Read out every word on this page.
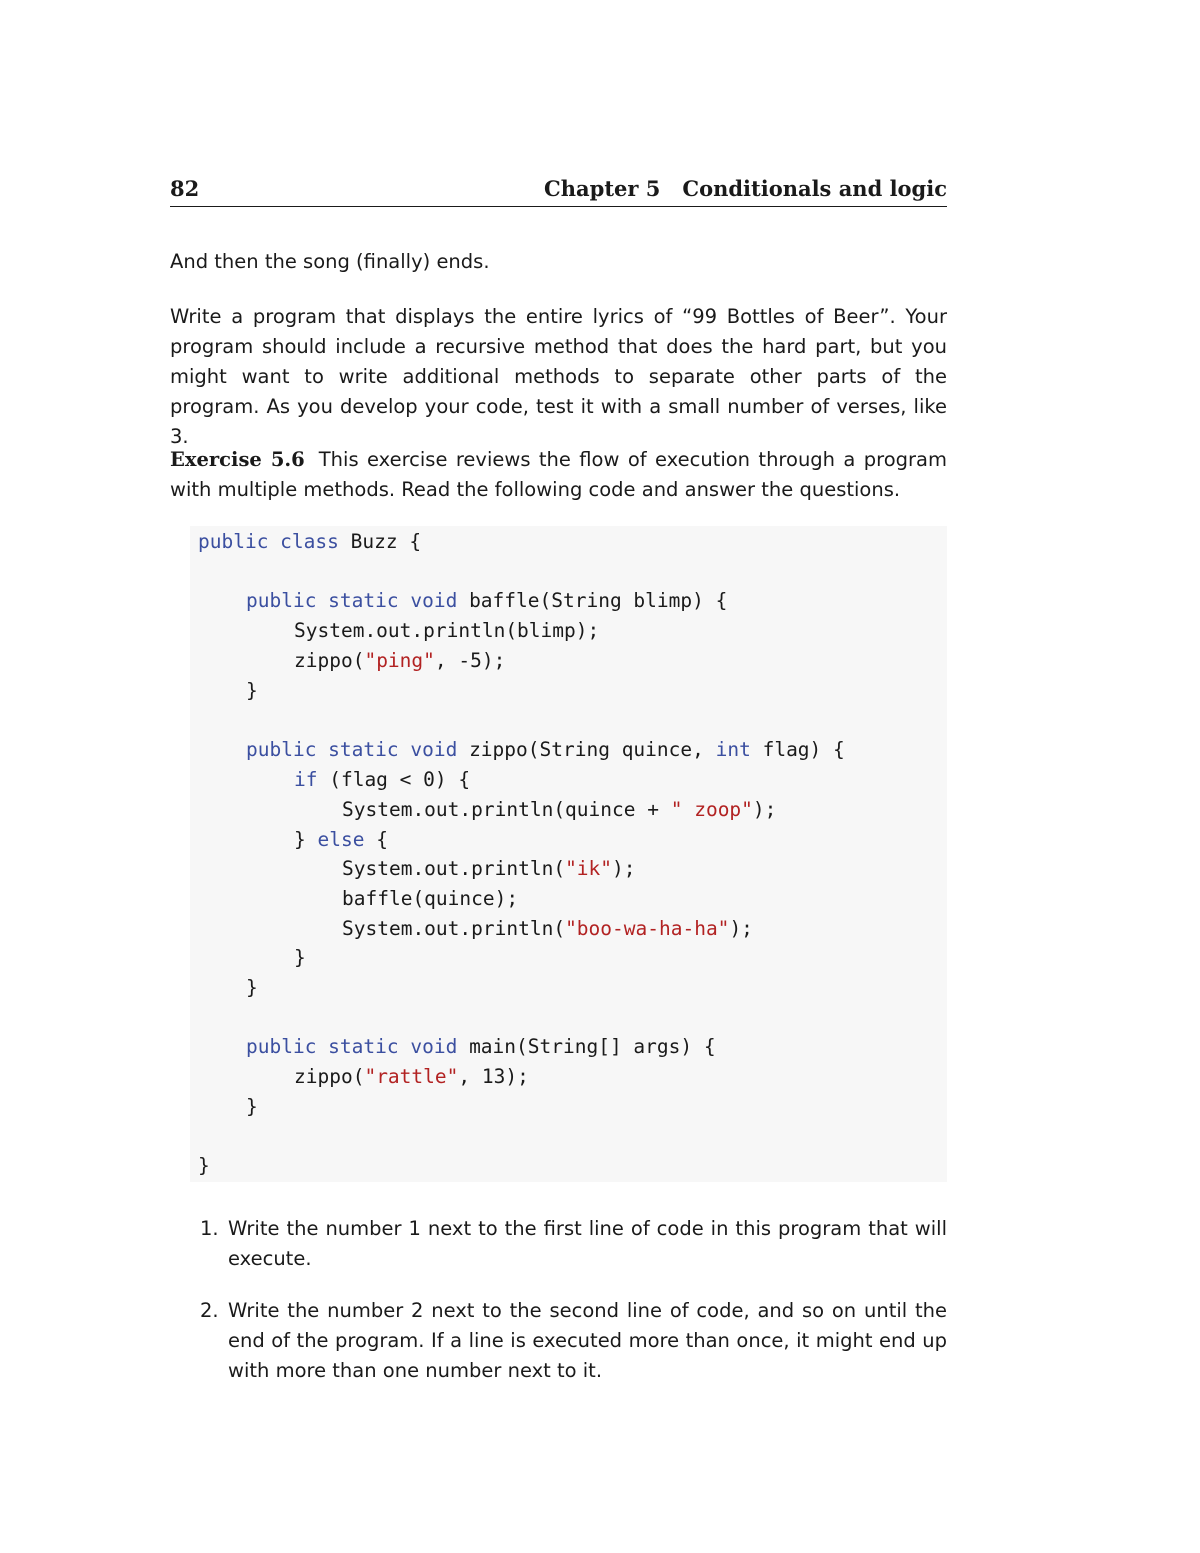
82	Chapter 5 Conditionals and logic

And then the song (finally) ends.

Write a program that displays the entire lyrics of “99 Bottles of Beer”. Your program should include a recursive method that does the hard part, but you might want to write additional methods to separate other parts of the program. As you develop your code, test it with a small number of verses, like 3.

Exercise 5.6 This exercise reviews the flow of execution through a program with multiple methods. Read the following code and answer the questions.

public class Buzz {
public static void baffle(String blimp) {
System.out.println(blimp);
zippo("ping", -5);
}
public static void zippo(String quince, int flag) {
if (flag < 0) {
System.out.println(quince + " zoop");
} else {
System.out.println("ik");
baffle(quince);
System.out.println("boo-wa-ha-ha");
}
}
public static void main(String[] args) {
zippo("rattle", 13);
}
}
1. Write the number 1 next to the first line of code in this program that will execute.
2. Write the number 2 next to the second line of code, and so on until the end of the program. If a line is executed more than once, it might end up with more than one number next to it.
